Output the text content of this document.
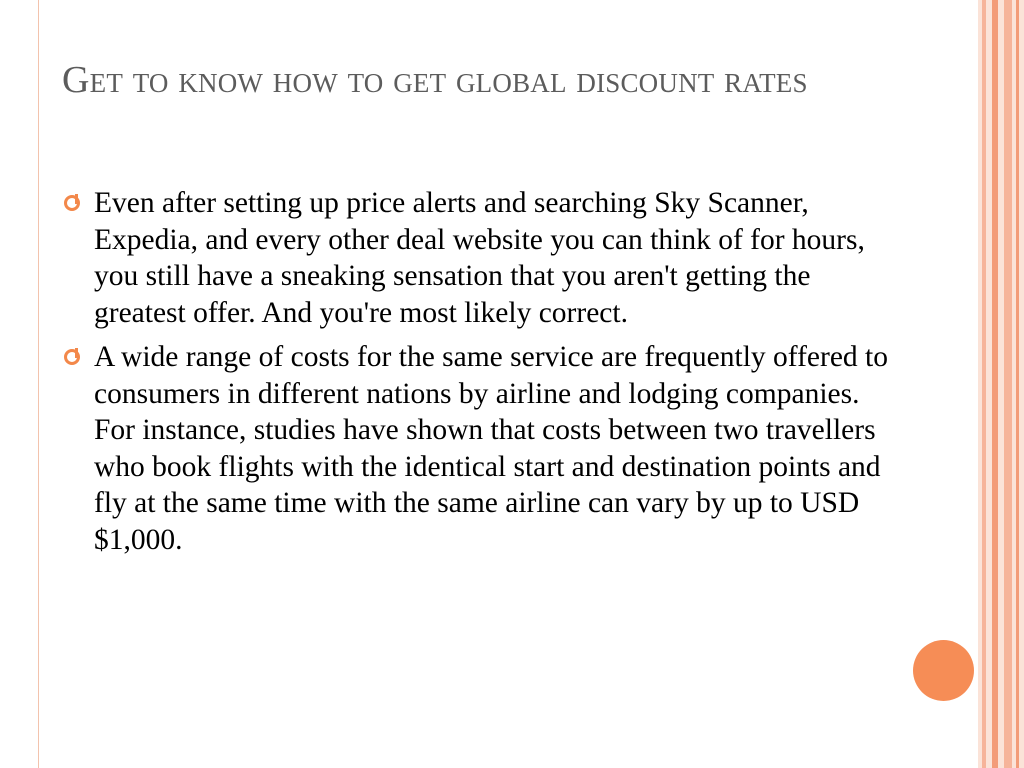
Get to know how to get global discount rates
Even after setting up price alerts and searching Sky Scanner, Expedia, and every other deal website you can think of for hours, you still have a sneaking sensation that you aren't getting the greatest offer. And you're most likely correct.
A wide range of costs for the same service are frequently offered to consumers in different nations by airline and lodging companies. For instance, studies have shown that costs between two travellers who book flights with the identical start and destination points and fly at the same time with the same airline can vary by up to USD $1,000.
